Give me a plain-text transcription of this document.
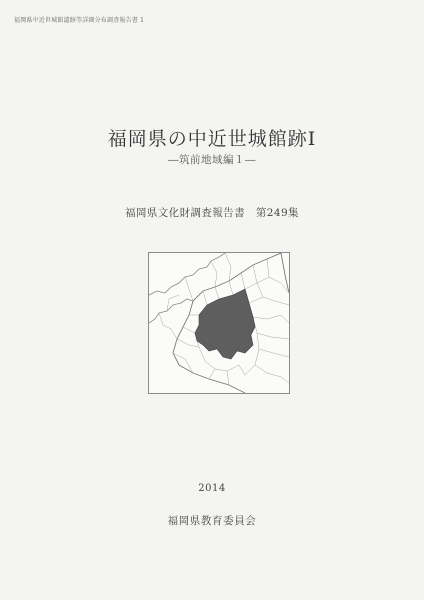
福岡県中近世城館遺跡等詳細分布調査報告書 1
福岡県の中近世城館跡Ⅰ
―筑前地域編１―
福岡県文化財調査報告書　第249集
2014
福岡県教育委員会
